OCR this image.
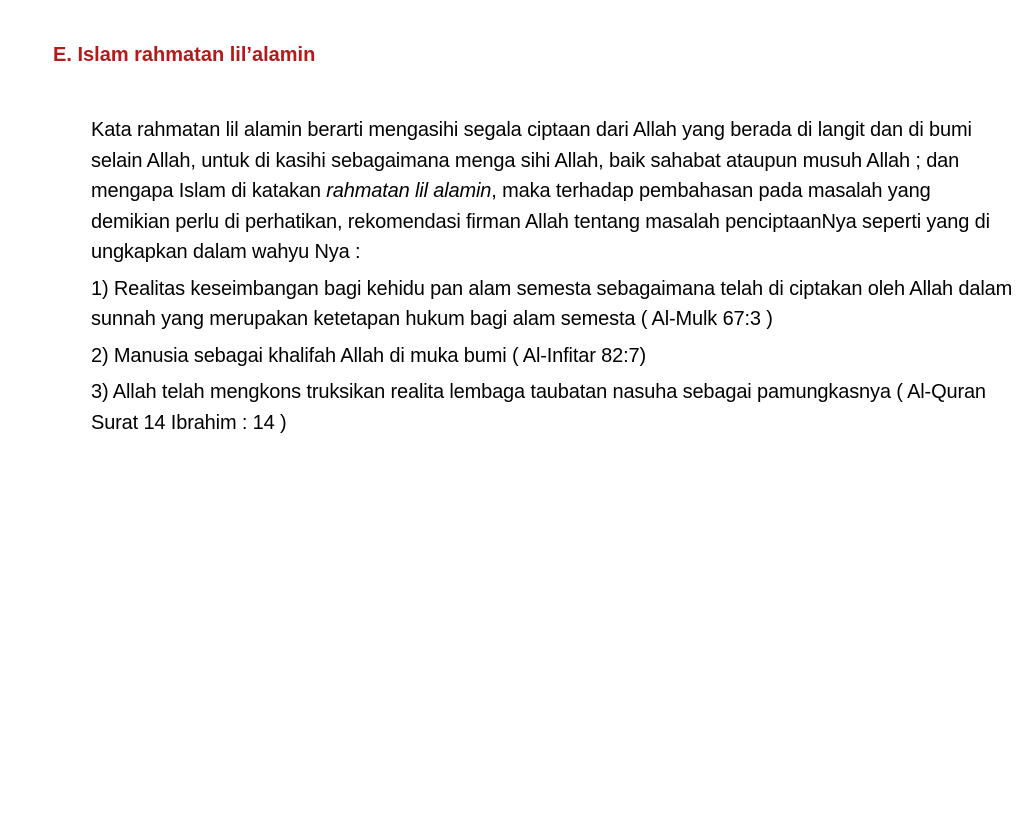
E. Islam rahmatan lil’alamin

Kata rahmatan lil alamin berarti mengasihi segala ciptaan dari Allah yang berada di langit dan di bumi selain Allah, untuk di kasihi sebagaimana menga sihi Allah, baik sahabat ataupun musuh Allah ; dan mengapa Islam di katakan rahmatan lil alamin, maka terhadap pembahasan pada masalah yang demikian perlu di perhatikan, rekomendasi firman Allah tentang masalah penciptaanNya seperti yang di ungkapkan dalam wahyu Nya :

1) Realitas keseimbangan bagi kehidu pan alam semesta sebagaimana telah di ciptakan oleh Allah dalam sunnah yang merupakan ketetapan hukum bagi alam semesta ( Al-Mulk 67:3 )

2) Manusia sebagai khalifah Allah di muka bumi ( Al-Infitar 82:7)

3) Allah telah mengkons truksikan realita lembaga taubatan nasuha sebagai pamungkasnya ( Al-Quran Surat 14 Ibrahim : 14 )
